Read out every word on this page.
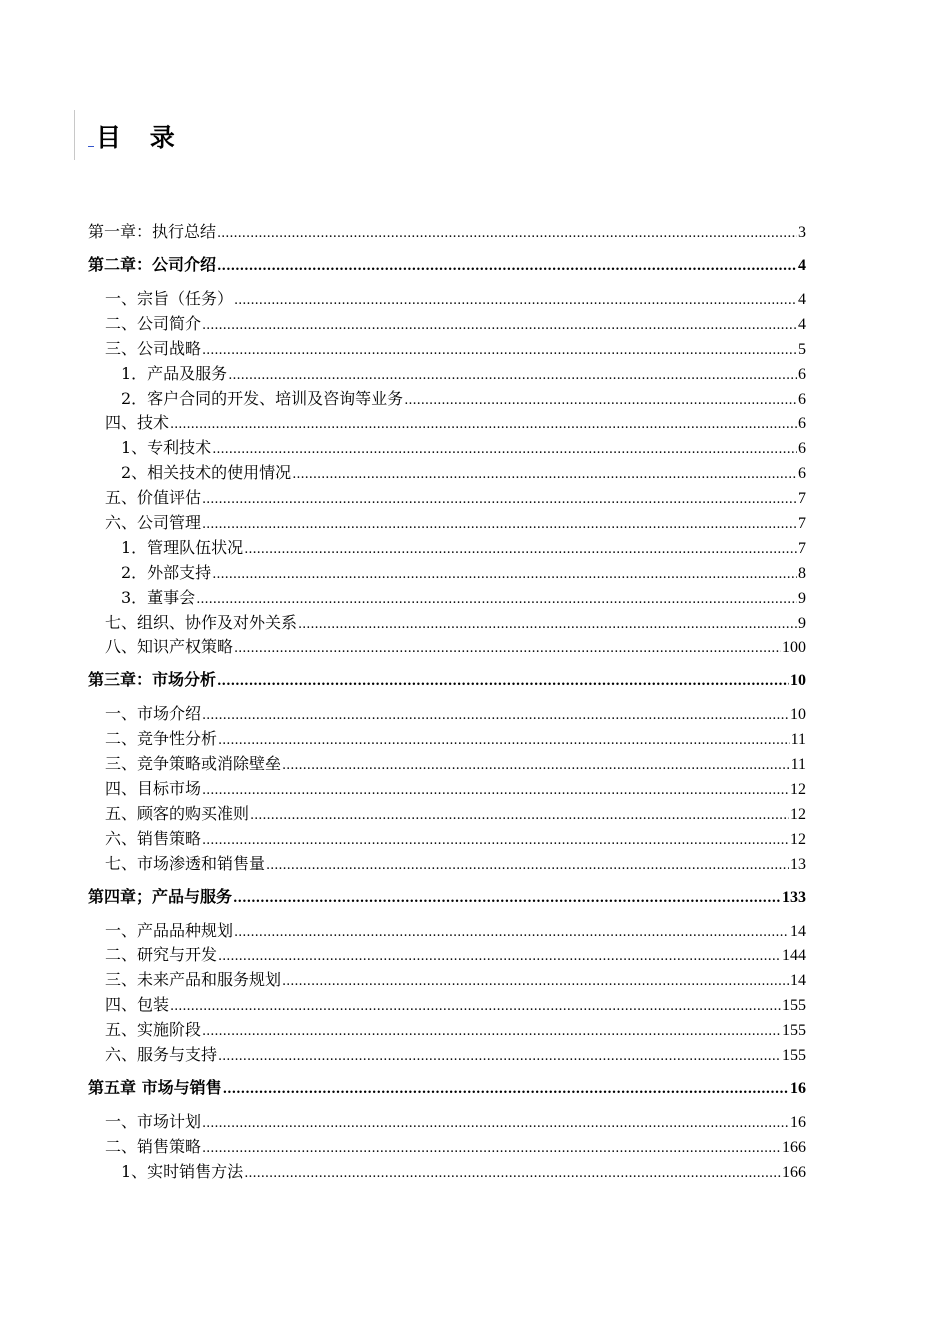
目 录
第一章：执行总结 .....	3
第二章：公司介绍 .....	4
一、宗旨（任务） .....	4
二、公司简介 .....	4
三、公司战略 .....	5
1．产品及服务 .....	6
2．客户合同的开发、培训及咨询等业务 .....	6
四、技术 .....	6
1、专利技术 .....	6
2、相关技术的使用情况 .....	6
五、价值评估 .....	7
六、公司管理 .....	7
1．管理队伍状况 .....	7
2．外部支持 .....	8
3．董事会 .....	9
七、组织、协作及对外关系 .....	9
八、知识产权策略 .....	100
第三章：市场分析 .....	10
一、市场介绍 .....	10
二、竞争性分析 .....	11
三、竞争策略或消除壁垒 .....	11
四、目标市场 .....	12
五、顾客的购买准则 .....	12
六、销售策略 .....	12
七、市场渗透和销售量 .....	13
第四章；产品与服务 .....	133
一、产品品种规划 .....	14
二、研究与开发 .....	144
三、未来产品和服务规划 .....	14
四、包装 .....	155
五、实施阶段 .....	155
六、服务与支持 .....	155
第五章 市场与销售 .....	16
一、市场计划 .....	16
二、销售策略 .....	166
1、实时销售方法 .....	166
